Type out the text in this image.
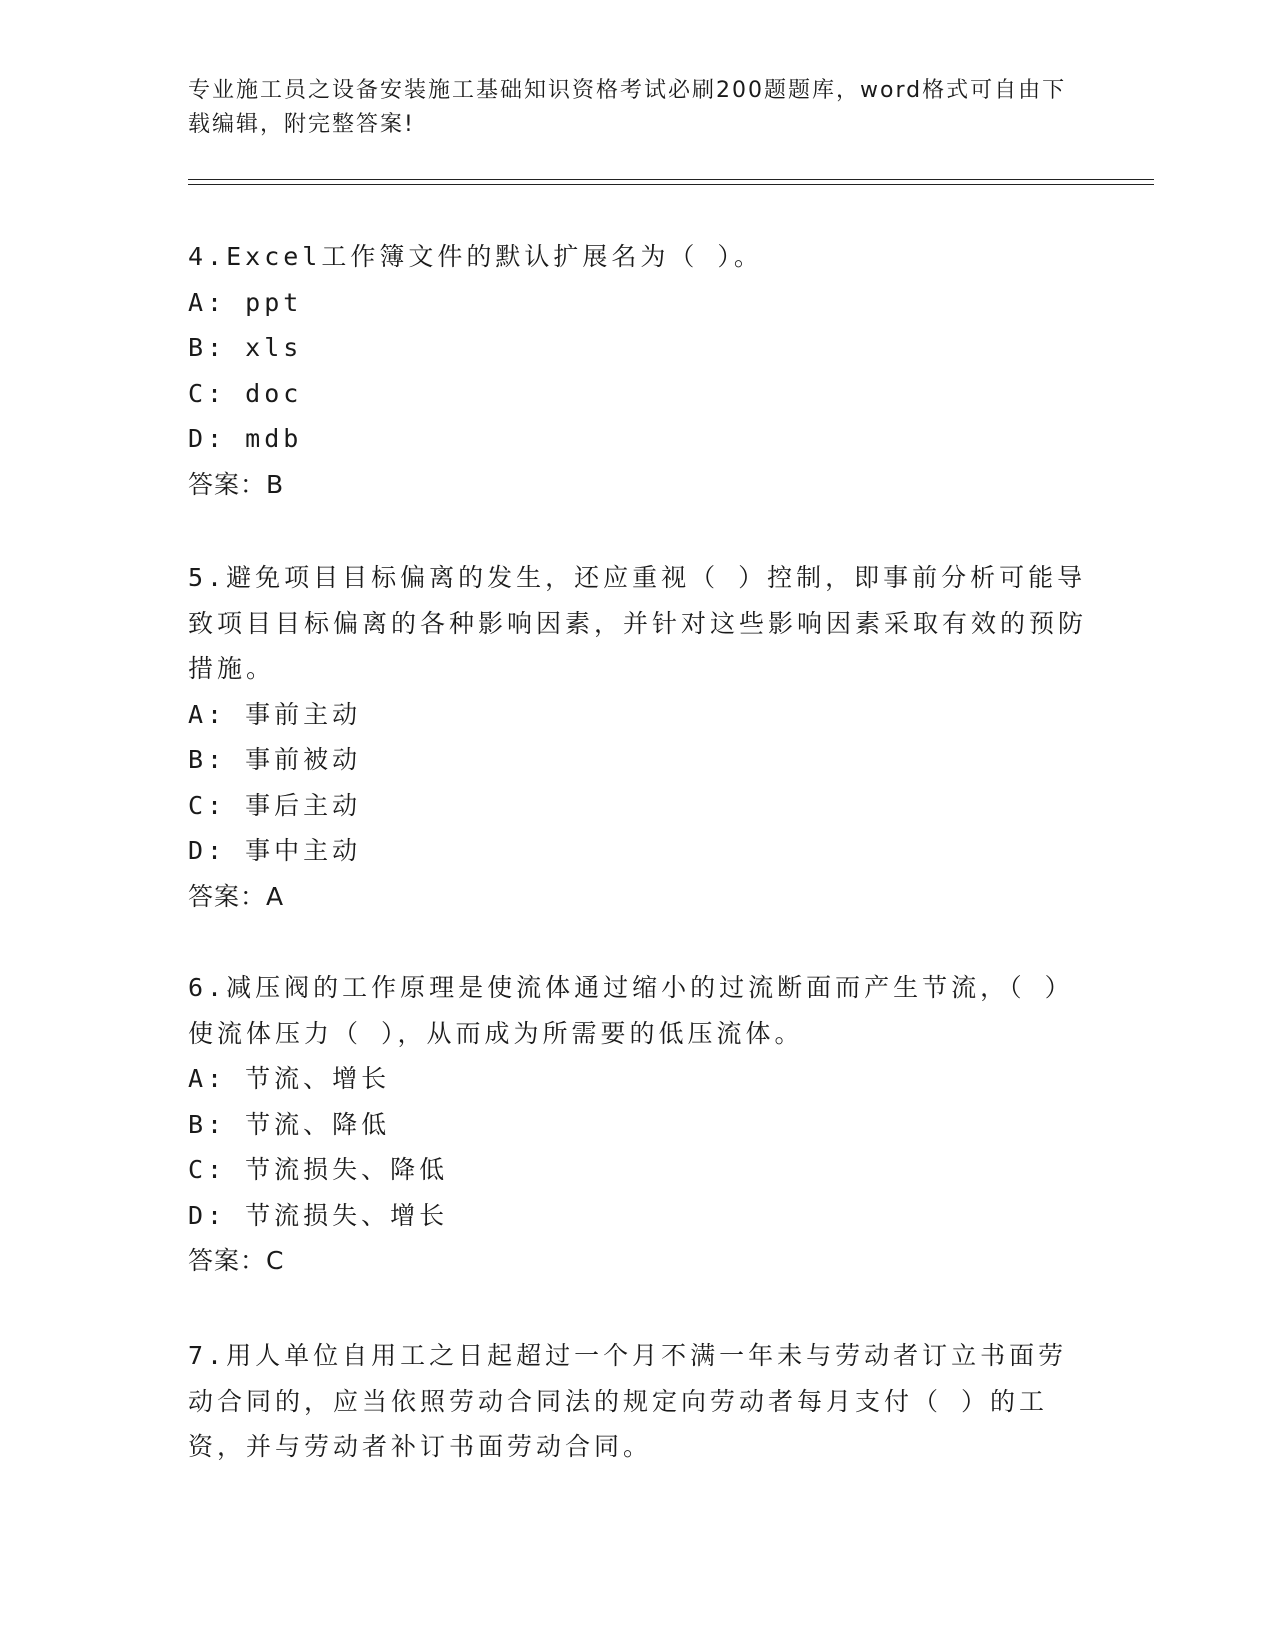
专业施工员之设备安装施工基础知识资格考试必刷200题题库，word格式可自由下载编辑，附完整答案!
4.Excel工作簿文件的默认扩展名为（ ）。
A: ppt
B: xls
C: doc
D: mdb
答案：B
5.避免项目目标偏离的发生，还应重视（ ）控制，即事前分析可能导致项目目标偏离的各种影响因素，并针对这些影响因素采取有效的预防措施。
A: 事前主动
B: 事前被动
C: 事后主动
D: 事中主动
答案：A
6.减压阀的工作原理是使流体通过缩小的过流断面而产生节流，（ ）使流体压力（ ），从而成为所需要的低压流体。
A: 节流、增长
B: 节流、降低
C: 节流损失、降低
D: 节流损失、增长
答案：C
7.用人单位自用工之日起超过一个月不满一年未与劳动者订立书面劳动合同的，应当依照劳动合同法的规定向劳动者每月支付（ ）的工资，并与劳动者补订书面劳动合同。
